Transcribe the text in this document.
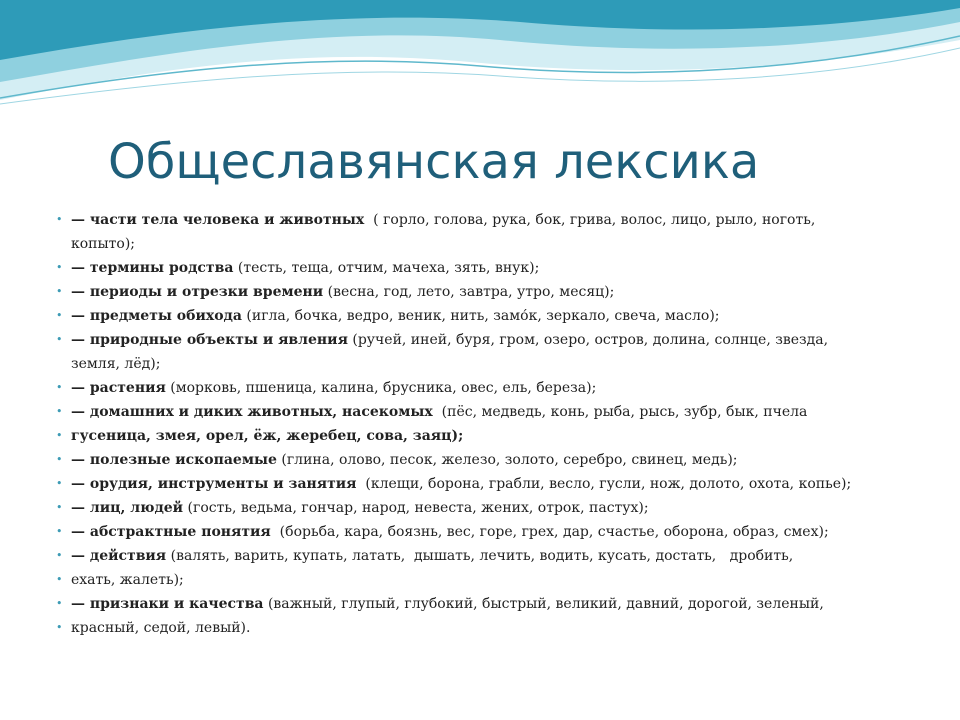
Общеславянская лексика
• — части тела человека и животных  ( горло, голова, рука, бок, грива, волос, лицо, рыло, ноготь,
копыто);
• — термины родства (тесть, теща, отчим, мачеха, зять, внук);
• — периоды и отрезки времени (весна, год, лето, завтра, утро, месяц);
• — предметы обихода (игла, бочка, ведро, веник, нить, замо́к, зеркало, свеча, масло);
• — природные объекты и явления (ручей, иней, буря, гром, озеро, остров, долина, солнце, звезда,
земля, лёд);
• — растения (морковь, пшеница, калина, брусника, овес, ель, береза);
• — домашних и диких животных, насекомых  (пёс, медведь, конь, рыба, рысь, зубр, бык, пчела
• гусеница, змея, орел, ёж, жеребец, сова, заяц);
• — полезные ископаемые (глина, олово, песок, железо, золото, серебро, свинец, медь);
• — орудия, инструменты и занятия  (клещи, борона, грабли, весло, гусли, нож, долото, охота, копье);
• — лиц, людей (гость, ведьма, гончар, народ, невеста, жених, отрок, пастух);
• — абстрактные понятия  (борьба, кара, боязнь, вес, горе, грех, дар, счастье, оборона, образ, смех);
• — действия (валять, варить, купать, латать,  дышать, лечить, водить, кусать, достать,   дробить,
• ехать, жалеть);
• — признаки и качества (важный, глупый, глубокий, быстрый, великий, давний, дорогой, зеленый,
• красный, седой, левый).
